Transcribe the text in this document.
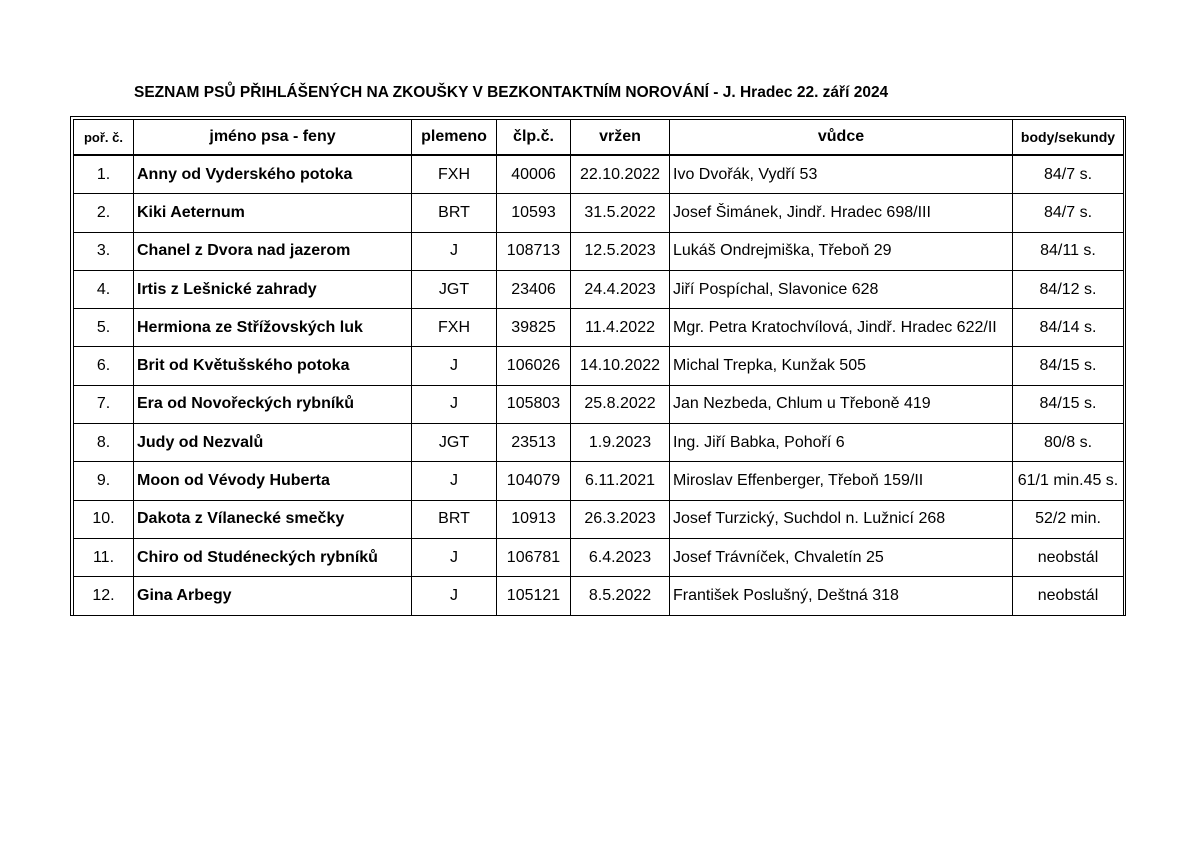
SEZNAM PSŮ PŘIHLÁŠENÝCH NA ZKOUŠKY V BEZKONTAKTNÍM NOROVÁNÍ - J. Hradec 22. září 2024
poř. č.	jméno psa - feny	plemeno	člp.č.	vržen	vůdce	body/sekundy
1.	Anny od Vyderského potoka	FXH	40006	22.10.2022	Ivo Dvořák, Vydří 53	84/7 s.
2.	Kiki Aeternum	BRT	10593	31.5.2022	Josef Šimánek, Jindř. Hradec 698/III	84/7 s.
3.	Chanel z Dvora nad jazerom	J	108713	12.5.2023	Lukáš Ondrejmiška, Třeboň 29	84/11 s.
4.	Irtis z Lešnické zahrady	JGT	23406	24.4.2023	Jiří Pospíchal, Slavonice 628	84/12 s.
5.	Hermiona ze Střížovských luk	FXH	39825	11.4.2022	Mgr. Petra Kratochvílová, Jindř. Hradec 622/II	84/14 s.
6.	Brit od Květušského potoka	J	106026	14.10.2022	Michal Trepka, Kunžak 505	84/15 s.
7.	Era od Novořeckých rybníků	J	105803	25.8.2022	Jan Nezbeda, Chlum u Třeboně 419	84/15 s.
8.	Judy od Nezvalů	JGT	23513	1.9.2023	Ing. Jiří Babka, Pohoří 6	80/8 s.
9.	Moon od Vévody Huberta	J	104079	6.11.2021	Miroslav Effenberger, Třeboň 159/II	61/1 min.45 s.
10.	Dakota z Vílanecké smečky	BRT	10913	26.3.2023	Josef Turzický, Suchdol n. Lužnicí 268	52/2 min.
11.	Chiro od Studéneckých rybníků	J	106781	6.4.2023	Josef Trávníček, Chvaletín 25	neobstál
12.	Gina Arbegy	J	105121	8.5.2022	František Poslušný, Deštná 318	neobstál
